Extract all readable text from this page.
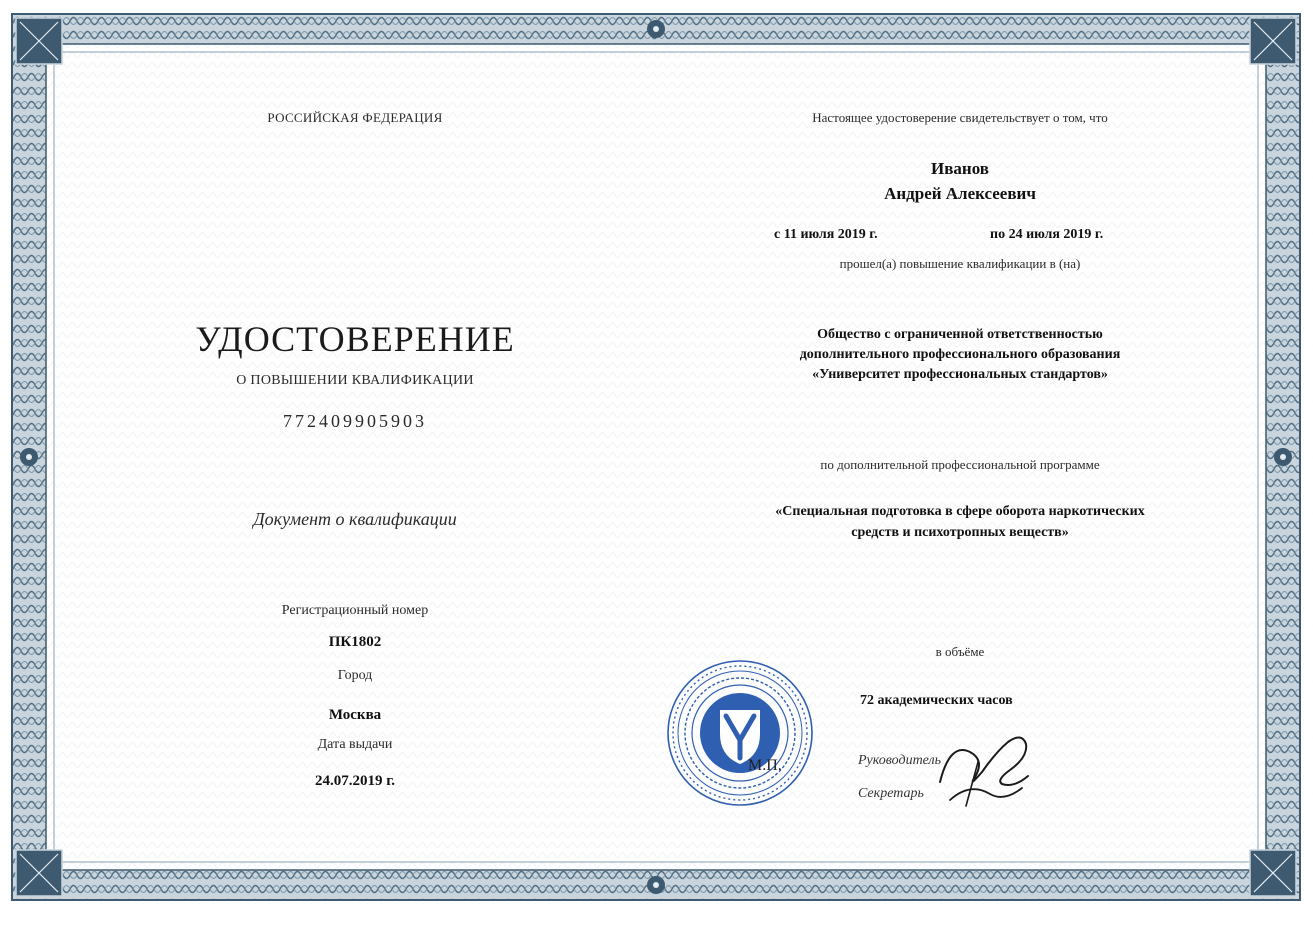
РОССИЙСКАЯ ФЕДЕРАЦИЯ
УДОСТОВЕРЕНИЕ
О ПОВЫШЕНИИ КВАЛИФИКАЦИИ
772409905903
Документ о квалификации
Регистрационный номер
ПК1802
Город
Москва
Дата выдачи
24.07.2019 г.
Настоящее удостоверение свидетельствует о том, что
Иванов
Андрей Алексеевич
с 11 июля 2019 г.	по 24 июля 2019 г.
прошел(а) повышение квалификации в (на)
Общество с ограниченной ответственностью
дополнительного профессионального образования
«Университет профессиональных стандартов»
по дополнительной профессиональной программе
«Специальная подготовка в сфере оборота наркотических
средств и психотропных веществ»
в объёме
72 академических часов
Руководитель
Секретарь
М.П.
